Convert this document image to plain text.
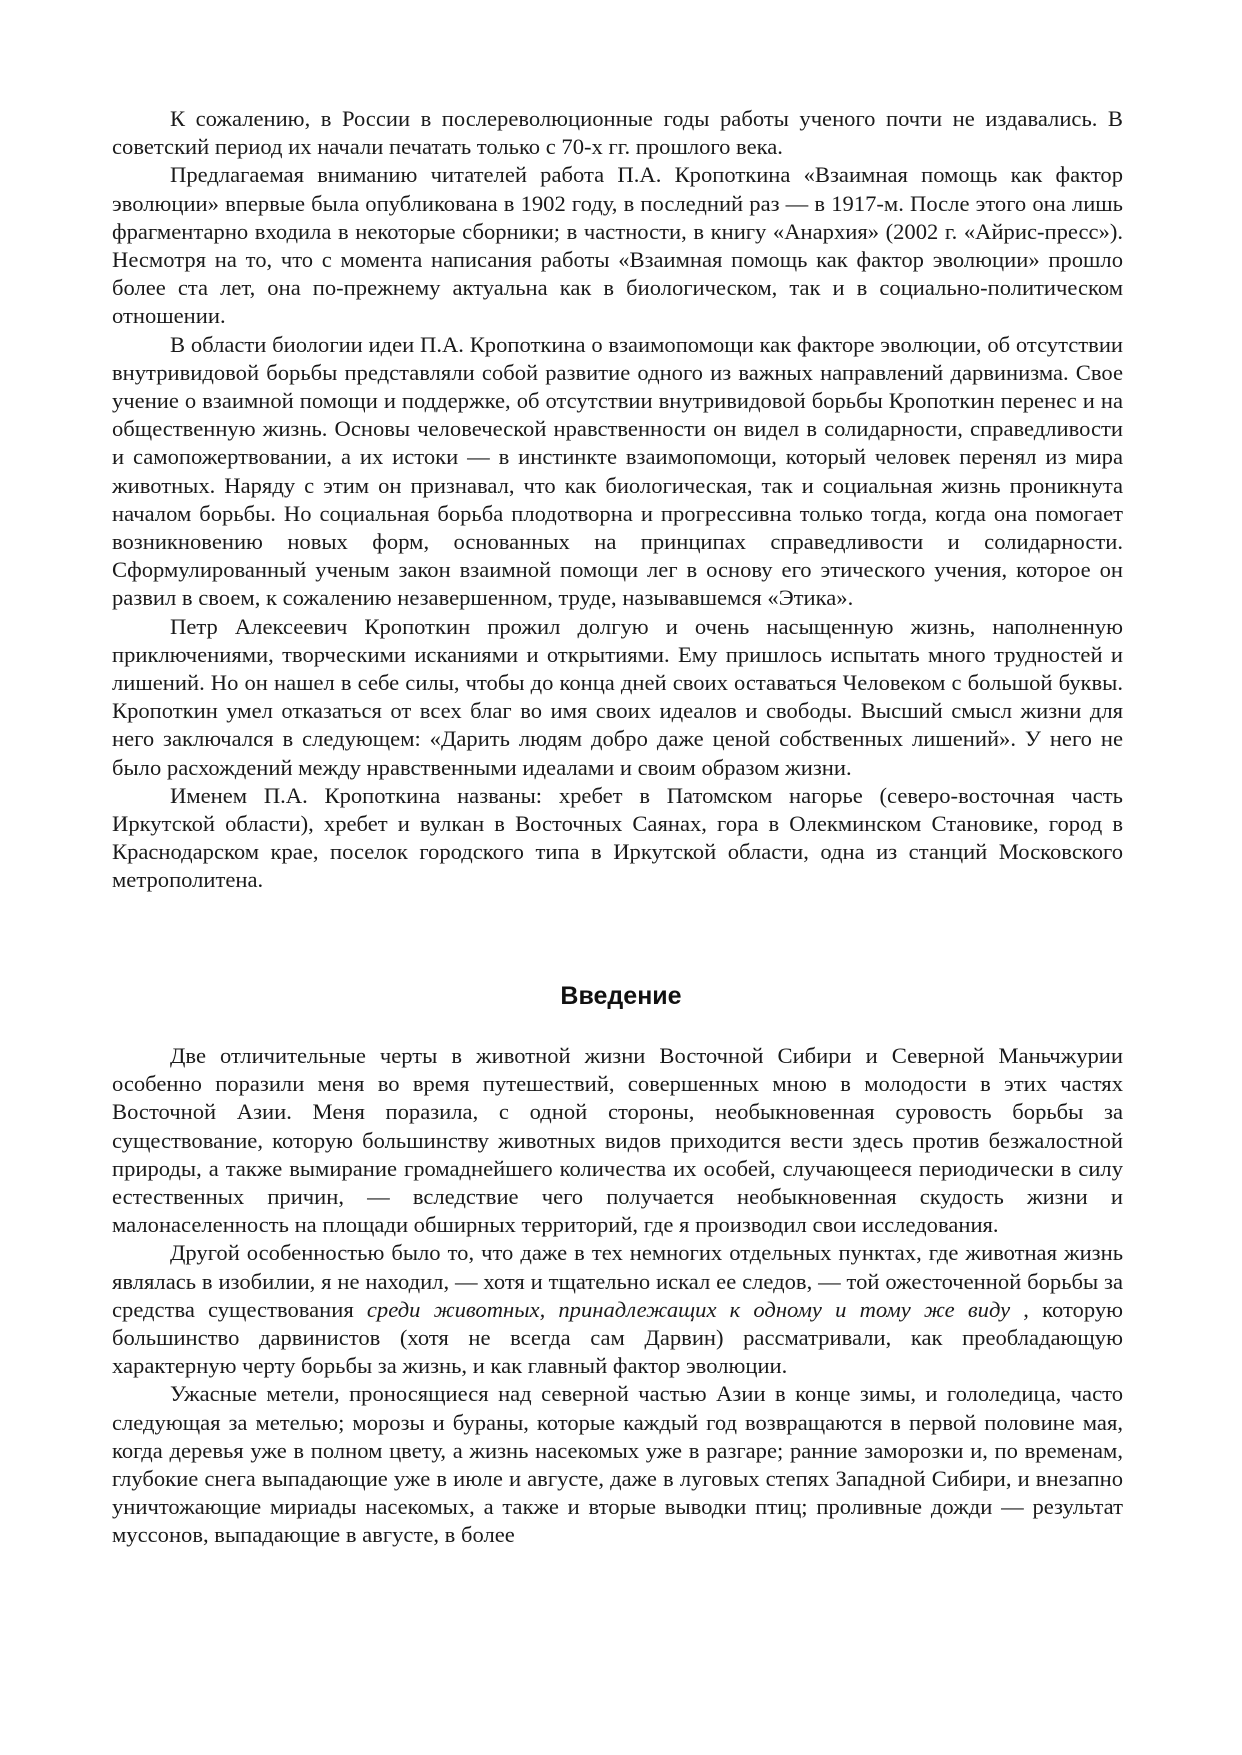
К сожалению, в России в послереволюционные годы работы ученого почти не издавались. В советский период их начали печатать только с 70-х гг. прошлого века.

Предлагаемая вниманию читателей работа П.А. Кропоткина «Взаимная помощь как фактор эволюции» впервые была опубликована в 1902 году, в последний раз — в 1917-м. После этого она лишь фрагментарно входила в некоторые сборники; в частности, в книгу «Анархия» (2002 г. «Айрис-пресс»). Несмотря на то, что с момента написания работы «Взаимная помощь как фактор эволюции» прошло более ста лет, она по-прежнему актуальна как в биологическом, так и в социально-политическом отношении.

В области биологии идеи П.А. Кропоткина о взаимопомощи как факторе эволюции, об отсутствии внутривидовой борьбы представляли собой развитие одного из важных направлений дарвинизма. Свое учение о взаимной помощи и поддержке, об отсутствии внутривидовой борьбы Кропоткин перенес и на общественную жизнь. Основы человеческой нравственности он видел в солидарности, справедливости и самопожертвовании, а их истоки — в инстинкте взаимопомощи, который человек перенял из мира животных. Наряду с этим он признавал, что как биологическая, так и социальная жизнь проникнута началом борьбы. Но социальная борьба плодотворна и прогрессивна только тогда, когда она помогает возникновению новых форм, основанных на принципах справедливости и солидарности. Сформулированный ученым закон взаимной помощи лег в основу его этического учения, которое он развил в своем, к сожалению незавершенном, труде, называвшемся «Этика».

Петр Алексеевич Кропоткин прожил долгую и очень насыщенную жизнь, наполненную приключениями, творческими исканиями и открытиями. Ему пришлось испытать много трудностей и лишений. Но он нашел в себе силы, чтобы до конца дней своих оставаться Человеком с большой буквы. Кропоткин умел отказаться от всех благ во имя своих идеалов и свободы. Высший смысл жизни для него заключался в следующем: «Дарить людям добро даже ценой собственных лишений». У него не было расхождений между нравственными идеалами и своим образом жизни.

Именем П.А. Кропоткина названы: хребет в Патомском нагорье (северо-восточная часть Иркутской области), хребет и вулкан в Восточных Саянах, гора в Олекминском Становике, город в Краснодарском крае, поселок городского типа в Иркутской области, одна из станций Московского метрополитена.

Введение

Две отличительные черты в животной жизни Восточной Сибири и Северной Маньчжурии особенно поразили меня во время путешествий, совершенных мною в молодости в этих частях Восточной Азии. Меня поразила, с одной стороны, необыкновенная суровость борьбы за существование, которую большинству животных видов приходится вести здесь против безжалостной природы, а также вымирание громаднейшего количества их особей, случающееся периодически в силу естественных причин, — вследствие чего получается необыкновенная скудость жизни и малонаселенность на площади обширных территорий, где я производил свои исследования.

Другой особенностью было то, что даже в тех немногих отдельных пунктах, где животная жизнь являлась в изобилии, я не находил, — хотя и тщательно искал ее следов, — той ожесточенной борьбы за средства существования среди животных, принадлежащих к одному и тому же виду , которую большинство дарвинистов (хотя не всегда сам Дарвин) рассматривали, как преобладающую характерную черту борьбы за жизнь, и как главный фактор эволюции.

Ужасные метели, проносящиеся над северной частью Азии в конце зимы, и гололедица, часто следующая за метелью; морозы и бураны, которые каждый год возвращаются в первой половине мая, когда деревья уже в полном цвету, а жизнь насекомых уже в разгаре; ранние заморозки и, по временам, глубокие снега выпадающие уже в июле и августе, даже в луговых степях Западной Сибири, и внезапно уничтожающие мириады насекомых, а также и вторые выводки птиц; проливные дожди — результат муссонов, выпадающие в августе, в более
